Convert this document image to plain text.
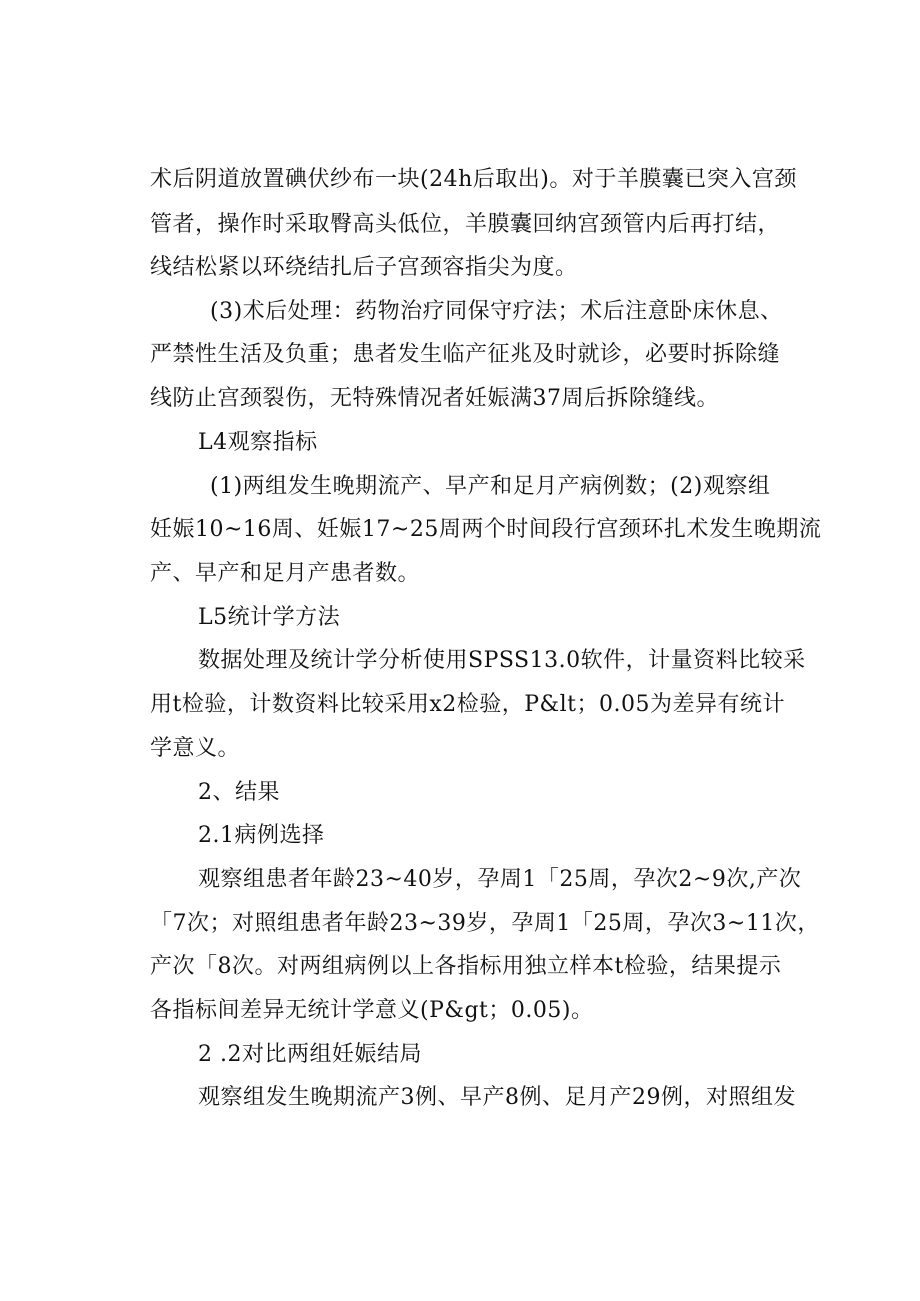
术后阴道放置碘伏纱布一块(24h后取出)。对于羊膜囊已突入宫颈
管者，操作时采取臀高头低位，羊膜囊回纳宫颈管内后再打结，
线结松紧以环绕结扎后子宫颈容指尖为度。
(3)术后处理：药物治疗同保守疗法；术后注意卧床休息、
严禁性生活及负重；患者发生临产征兆及时就诊，必要时拆除缝
线防止宫颈裂伤，无特殊情况者妊娠满37周后拆除缝线。
L4观察指标
(1)两组发生晚期流产、早产和足月产病例数；(2)观察组
妊娠10~16周、妊娠17~25周两个时间段行宫颈环扎术发生晚期流
产、早产和足月产患者数。
L5统计学方法
数据处理及统计学分析使用SPSS13.0软件，计量资料比较采
用t检验，计数资料比较采用x2检验，P&lt；0.05为差异有统计
学意义。
2、结果
2.1病例选择
观察组患者年龄23~40岁，孕周1「25周，孕次2~9次,产次
「7次；对照组患者年龄23~39岁，孕周1「25周，孕次3~11次，
产次「8次。对两组病例以上各指标用独立样本t检验，结果提示
各指标间差异无统计学意义(P&gt；0.05)。
2 .2对比两组妊娠结局
观察组发生晚期流产3例、早产8例、足月产29例，对照组发
